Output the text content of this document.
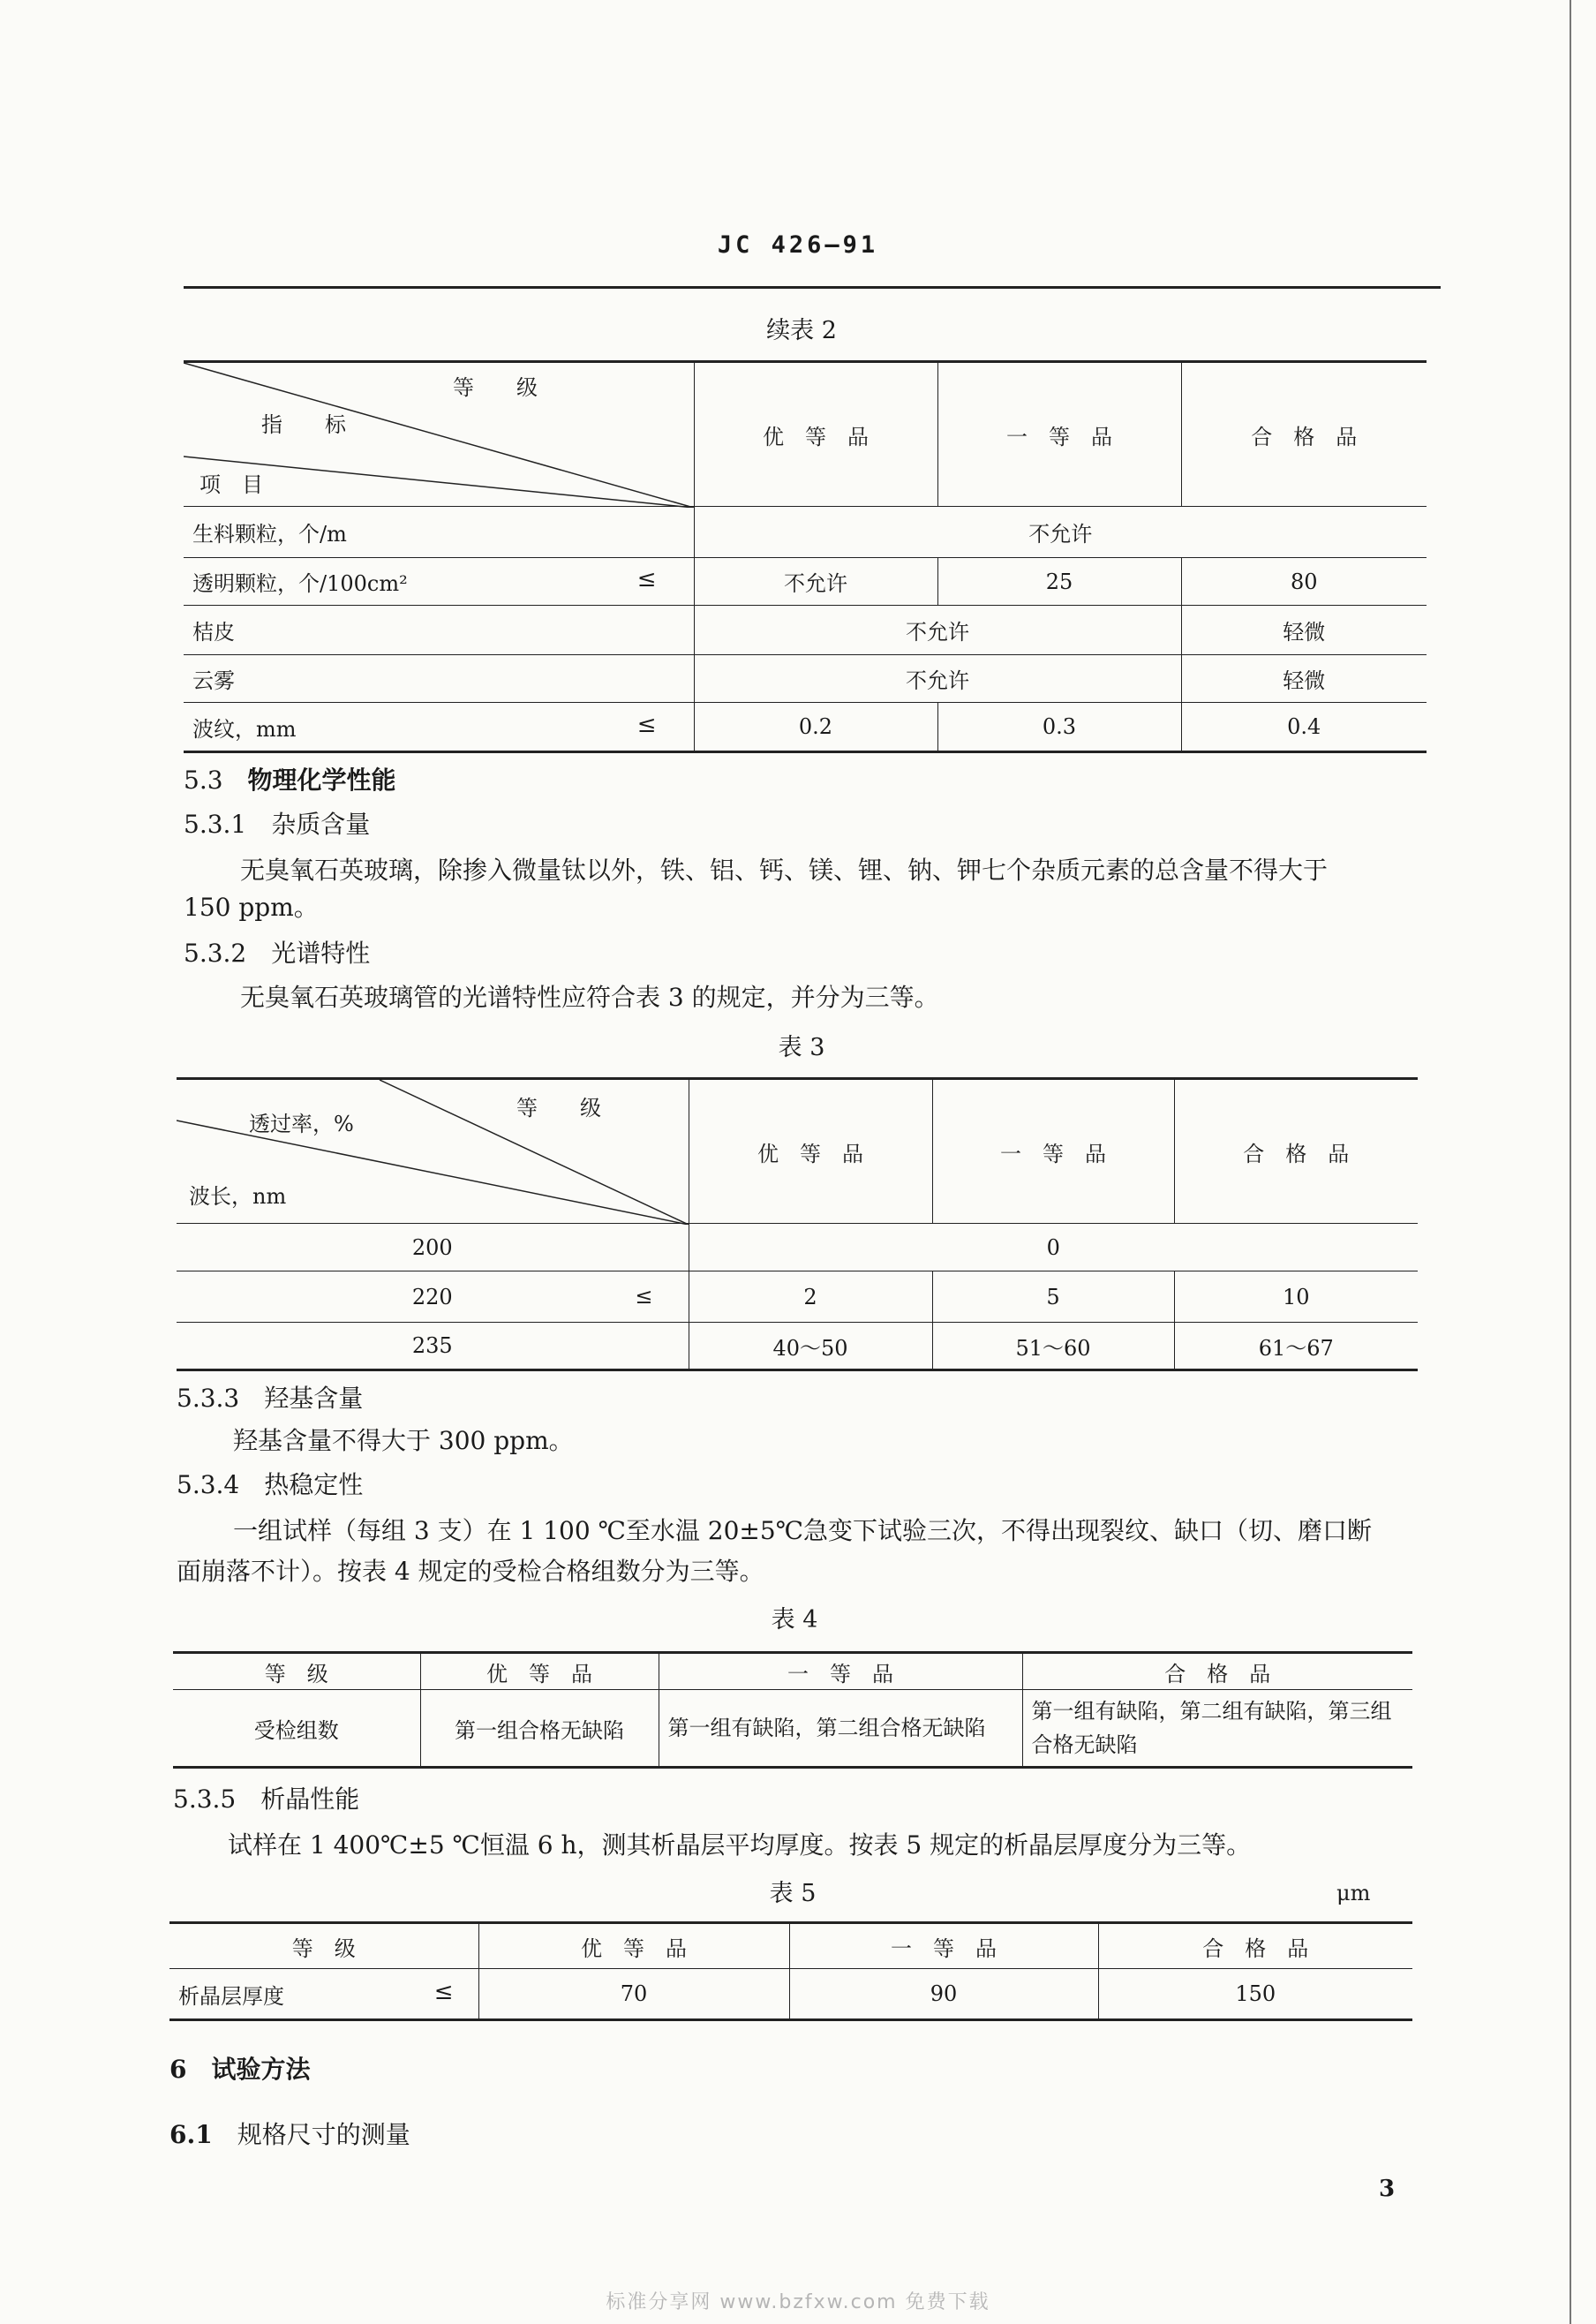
JC 426—91
续表 2
等　　级
指　　标
项　目	优　等　品	一　等　品	合　格　品
生料颗粒，个/m	不允许		
透明颗粒，个/100cm² ≤	不允许	25	80
桔皮	不允许		轻微
云雾	不允许		轻微
波纹，mm ≤	0.2	0.3	0.4
5.3　 物理化学性能
5.3.1　 杂质含量
无臭氧石英玻璃，除掺入微量钛以外，铁、铝、钙、镁、锂、钠、钾七个杂质元素的总含量不得大于
150 ppm。
5.3.2　 光谱特性
无臭氧石英玻璃管的光谱特性应符合表 3 的规定，并分为三等。
表 3
等　　级
透过率，%
波长，nm	优　等　品	一　等　品	合　格　品
200	0		
220 ≤	2	5	10
235	40～50	51～60	61～67
5.3.3　 羟基含量
羟基含量不得大于 300 ppm。
5.3.4　 热稳定性
一组试样（每组 3 支）在 1 100 ℃至水温 20±5℃急变下试验三次，不得出现裂纹、缺口（切、磨口断
面崩落不计）。按表 4 规定的受检合格组数分为三等。
表 4
等　级	优　等　品	一　等　品	合　格　品
受检组数	第一组合格无缺陷	第一组有缺陷，第二组合格无缺陷	第一组有缺陷，第二组有缺陷，第三组合格无缺陷
5.3.5　 析晶性能
试样在 1 400℃±5 ℃恒温 6 h，测其析晶层平均厚度。按表 5 规定的析晶层厚度分为三等。
表 5	μm
等　级	优　等　品	一　等　品	合　格　品
析晶层厚度 ≤	70	90	150
6　 试验方法
6.1　 规格尺寸的测量
3
标准分享网 www.bzfxw.com 免费下载
